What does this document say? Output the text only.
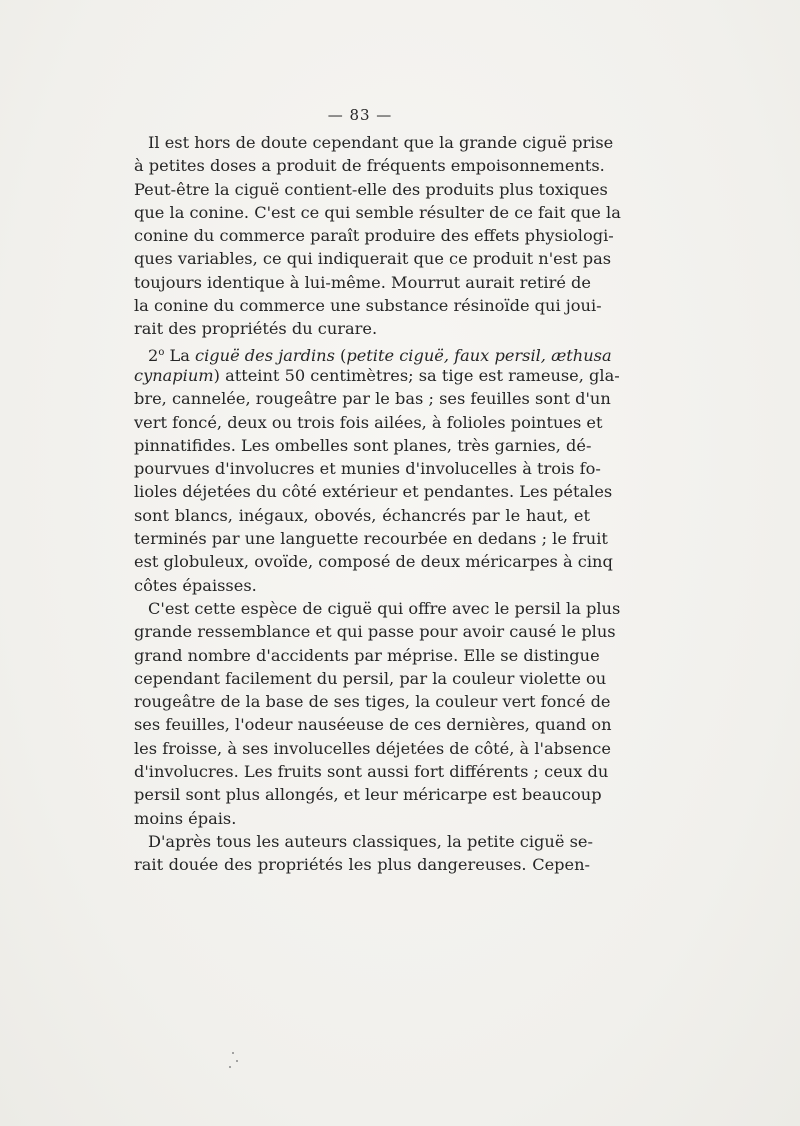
— 83 —
Il est hors de doute cependant que la grande ciguë prise
à petites doses a produit de fréquents empoisonnements.
Peut-être la ciguë contient-elle des produits plus toxiques
que la conine. C'est ce qui semble résulter de ce fait que la
conine du commerce paraît produire des effets physiologi-
ques variables, ce qui indiquerait que ce produit n'est pas
toujours identique à lui-même. Mourrut aurait retiré de
la conine du commerce une substance résinoïde qui joui-
rait des propriétés du curare.
2$^o$ La ciguë des jardins (petite ciguë, faux persil, æthusa
cynapium) atteint 50 centimètres; sa tige est rameuse, gla-
bre, cannelée, rougeâtre par le bas ; ses feuilles sont d'un
vert foncé, deux ou trois fois ailées, à folioles pointues et
pinnatifides. Les ombelles sont planes, très garnies, dé-
pourvues d'involucres et munies d'involucelles à trois fo-
lioles déjetées du côté extérieur et pendantes. Les pétales
sont blancs, inégaux, obovés, échancrés par le haut, et
terminés par une languette recourbée en dedans ; le fruit
est globuleux, ovoïde, composé de deux méricarpes à cinq
côtes épaisses.
C'est cette espèce de ciguë qui offre avec le persil la plus
grande ressemblance et qui passe pour avoir causé le plus
grand nombre d'accidents par méprise. Elle se distingue
cependant facilement du persil, par la couleur violette ou
rougeâtre de la base de ses tiges, la couleur vert foncé de
ses feuilles, l'odeur nauséeuse de ces dernières, quand on
les froisse, à ses involucelles déjetées de côté, à l'absence
d'involucres. Les fruits sont aussi fort différents ; ceux du
persil sont plus allongés, et leur méricarpe est beaucoup
moins épais.
D'après tous les auteurs classiques, la petite ciguë se-
rait douée des propriétés les plus dangereuses. Cepen-
